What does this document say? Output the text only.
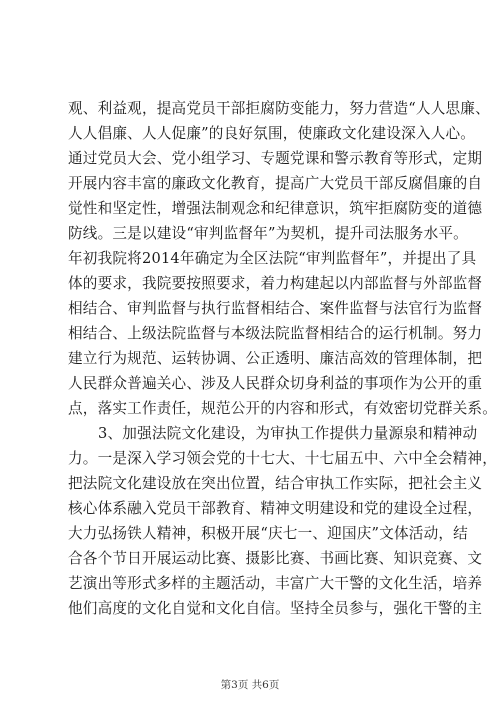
观、利益观，提高党员干部拒腐防变能力，努力营造“人人思廉、
人人倡廉、人人促廉”的良好氛围，使廉政文化建设深入人心。
通过党员大会、党小组学习、专题党课和警示教育等形式，定期
开展内容丰富的廉政文化教育，提高广大党员干部反腐倡廉的自
觉性和坚定性，增强法制观念和纪律意识，筑牢拒腐防变的道德
防线。三是以建设“审判监督年”为契机，提升司法服务水平。
年初我院将2014年确定为全区法院“审判监督年”，并提出了具
体的要求，我院要按照要求，着力构建起以内部监督与外部监督
相结合、审判监督与执行监督相结合、案件监督与法官行为监督
相结合、上级法院监督与本级法院监督相结合的运行机制。努力
建立行为规范、运转协调、公正透明、廉洁高效的管理体制，把
人民群众普遍关心、涉及人民群众切身利益的事项作为公开的重
点，落实工作责任，规范公开的内容和形式，有效密切党群关系。
3、加强法院文化建设，为审执工作提供力量源泉和精神动
力。一是深入学习领会党的十七大、十七届五中、六中全会精神，
把法院文化建设放在突出位置，结合审执工作实际，把社会主义
核心体系融入党员干部教育、精神文明建设和党的建设全过程，
大力弘扬铁人精神，积极开展“庆七一、迎国庆”文体活动，结
合各个节日开展运动比赛、摄影比赛、书画比赛、知识竞赛、文
艺演出等形式多样的主题活动，丰富广大干警的文化生活，培养
他们高度的文化自觉和文化自信。坚持全员参与，强化干警的主
第3页 共6页
